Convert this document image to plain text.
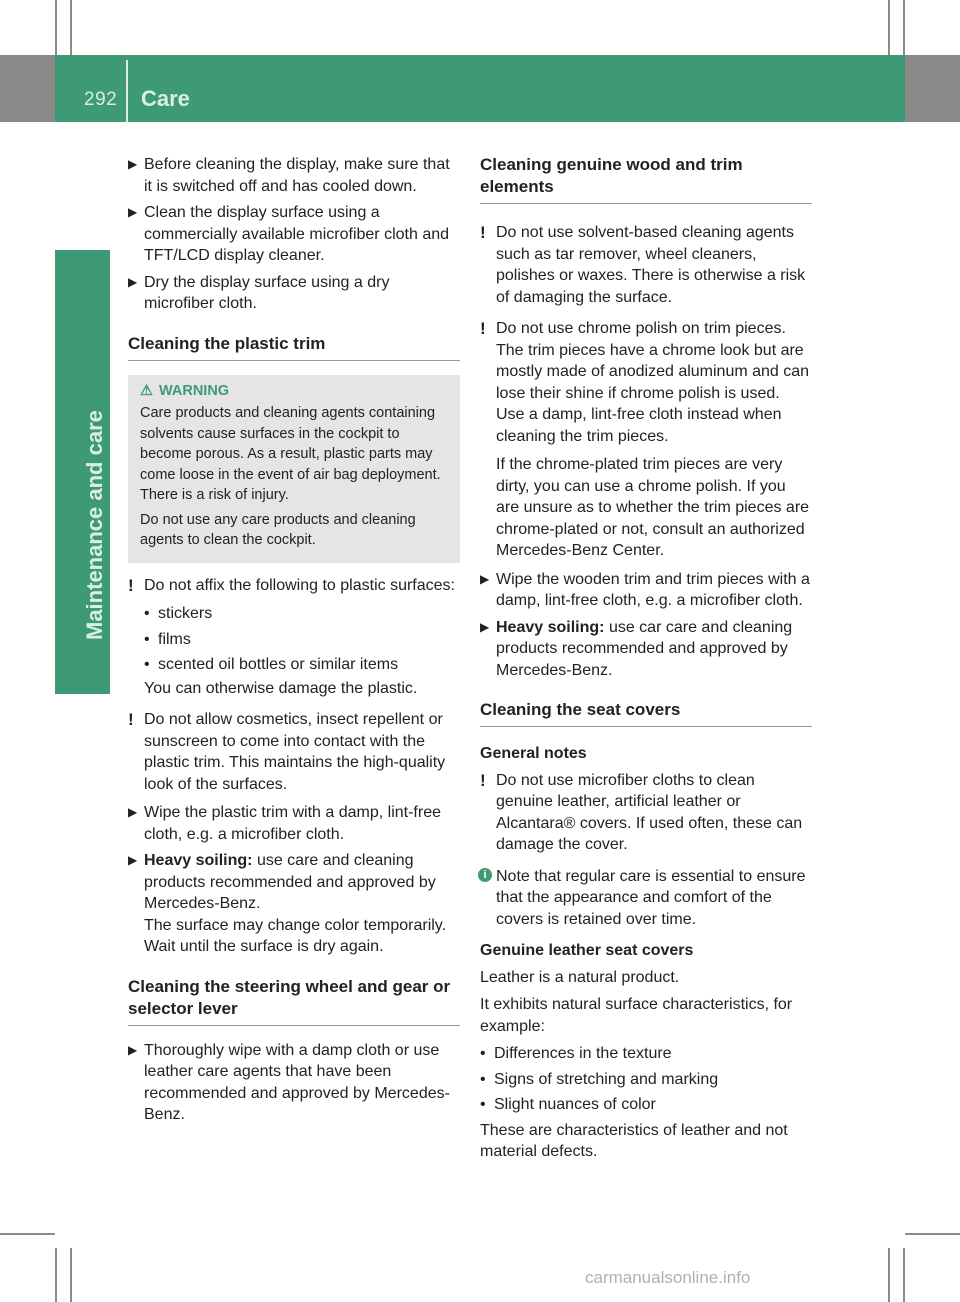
292 Care
Maintenance and care
▶ Before cleaning the display, make sure that it is switched off and has cooled down.
▶ Clean the display surface using a commercially available microfiber cloth and TFT/LCD display cleaner.
▶ Dry the display surface using a dry microfiber cloth.
Cleaning the plastic trim
⚠ WARNING

Care products and cleaning agents containing solvents cause surfaces in the cockpit to become porous. As a result, plastic parts may come loose in the event of air bag deployment. There is a risk of injury.

Do not use any care products and cleaning agents to clean the cockpit.

! Do not affix the following to plastic surfaces:
• stickers
• films
• scented oil bottles or similar items
You can otherwise damage the plastic.
! Do not allow cosmetics, insect repellent or sunscreen to come into contact with the plastic trim. This maintains the high-quality look of the surfaces.
▶ Wipe the plastic trim with a damp, lint-free cloth, e.g. a microfiber cloth.
▶ Heavy soiling: use care and cleaning products recommended and approved by Mercedes-Benz.
The surface may change color temporarily. Wait until the surface is dry again.
Cleaning the steering wheel and gear or selector lever
▶ Thoroughly wipe with a damp cloth or use leather care agents that have been recommended and approved by Mercedes-Benz.
Cleaning genuine wood and trim elements
! Do not use solvent-based cleaning agents such as tar remover, wheel cleaners, polishes or waxes. There is otherwise a risk of damaging the surface.
! Do not use chrome polish on trim pieces. The trim pieces have a chrome look but are mostly made of anodized aluminum and can lose their shine if chrome polish is used. Use a damp, lint-free cloth instead when cleaning the trim pieces.
If the chrome-plated trim pieces are very dirty, you can use a chrome polish. If you are unsure as to whether the trim pieces are chrome-plated or not, consult an authorized Mercedes-Benz Center.
▶ Wipe the wooden trim and trim pieces with a damp, lint-free cloth, e.g. a microfiber cloth.
▶ Heavy soiling: use car care and cleaning products recommended and approved by Mercedes-Benz.
Cleaning the seat covers
General notes
! Do not use microfiber cloths to clean genuine leather, artificial leather or Alcantara® covers. If used often, these can damage the cover.
i Note that regular care is essential to ensure that the appearance and comfort of the covers is retained over time.
Genuine leather seat covers
Leather is a natural product.
It exhibits natural surface characteristics, for example:
• Differences in the texture
• Signs of stretching and marking
• Slight nuances of color
These are characteristics of leather and not material defects.
carmanualsonline.info
